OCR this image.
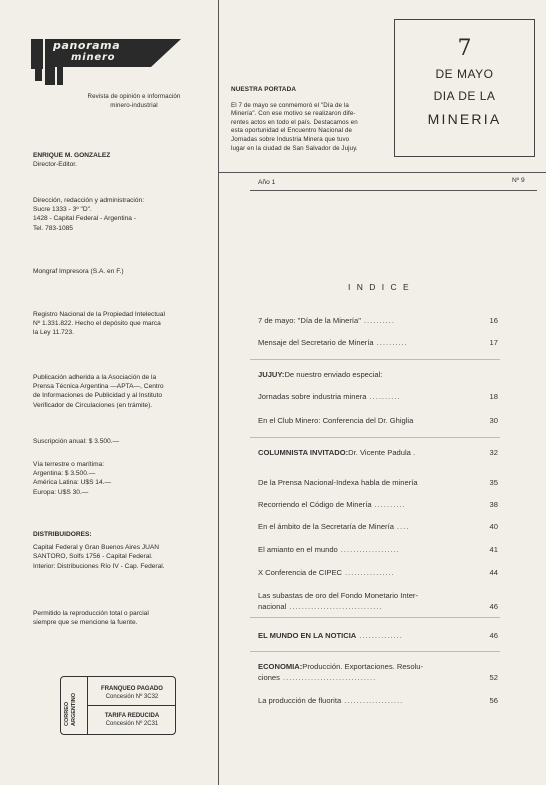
panorama
minero
Revista de opinión e información
minero-industrial
ENRIQUE M. GONZALEZ
Director-Editor.
Dirección, redacción y administración:
Sucre 1333 - 3º "D".
1428 - Capital Federal - Argentina -
Tel. 783-1085
Mongraf Impresora (S.A. en F.)
Registro Nacional de la Propiedad Intelectual
Nº 1.331.822. Hecho el depósito que marca
la Ley 11.723.
Publicación adherida a la Asociación de la
Prensa Técnica Argentina —APTA—, Centro
de Informaciones de Publicidad y al Instituto
Verificador de Circulaciones (en trámite).
Suscripción anual: $ 3.500.—
Vía terrestre o marítima:
Argentina: $ 3.500.—
América Latina: U$S 14.—
Europa: U$S 30.—
DISTRIBUIDORES:
Capital Federal y Gran Buenos Aires JUAN
SANTORO, Solfs 1756 - Capital Federal.
Interior: Distribuciones Río IV - Cap. Federal.
Permitido la reproducción total o parcial
siempre que se mencione la fuente.
CORREO ARGENTINO
FRANQUEO PAGADO
Concesión Nº 3C32
TARIFA REDUCIDA
Concesión Nº 2C31
NUESTRA PORTADA
El 7 de mayo se conmemoró el "Día de la
Minería". Con ese motivo se realizaron dife-
rentes actos en todo el país. Destacamos en
esta oportunidad el Encuentro Nacional de
Jornadas sobre Industria Minera que tuvo
lugar en la ciudad de San Salvador de Jujuy.
7
DE MAYO
DIA DE LA
MINERIA
Año 1	Nº 9
I N D I C E
7 de mayo: "Día de la Minería" ..........	16
Mensaje del Secretario de Minería ..........	17
JUJUY: De nuestro enviado especial:
Jornadas sobre industria minera ..........	18
En el Club Minero: Conferencia del Dr. Ghiglia	30
COLUMNISTA INVITADO: Dr. Vicente Padula .	32
De la Prensa Nacional-Indexa habla de minería	35
Recorriendo el Código de Minería ..........	38
En el ámbito de la Secretaría de Minería ....	40
El amianto en el mundo ...................	41
X Conferencia de CIPEC ................	44
Las subastas de oro del Fondo Monetario Inter-
nacional ..............................	46
EL MUNDO EN LA NOTICIA ..............	46
ECONOMIA: Producción. Exportaciones. Resolu-
ciones ..............................	52
La producción de fluorita ...................	56
